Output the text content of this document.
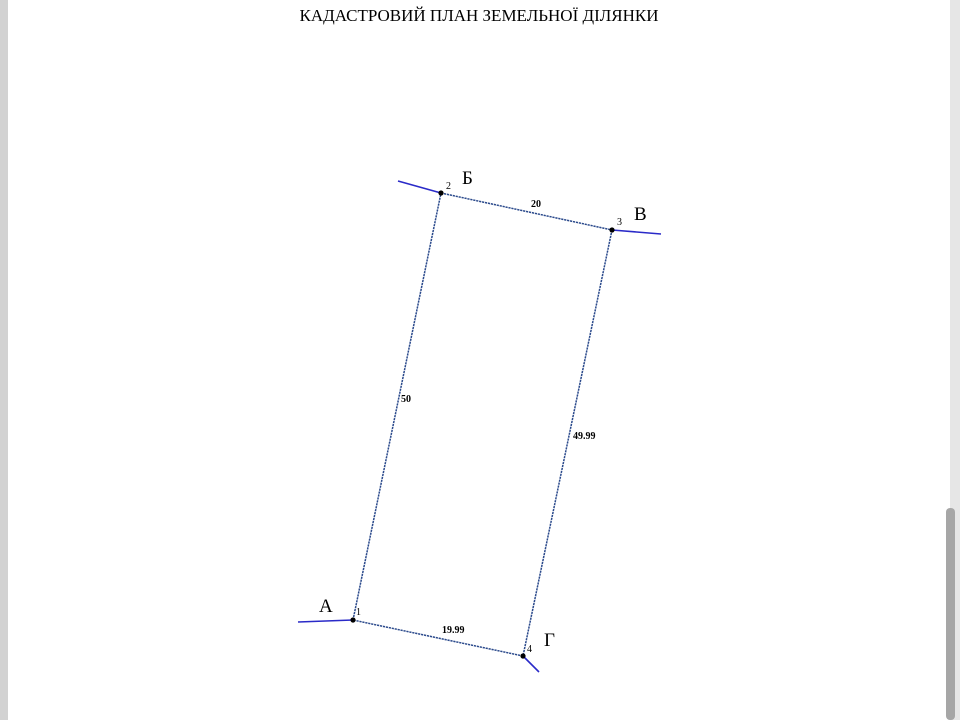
КАДАСТРОВИЙ ПЛАН ЗЕМЕЛЬНОЇ ДІЛЯНКИ
50
20
49.99
19.99
1
2
3
4
А
Б
В
Г
